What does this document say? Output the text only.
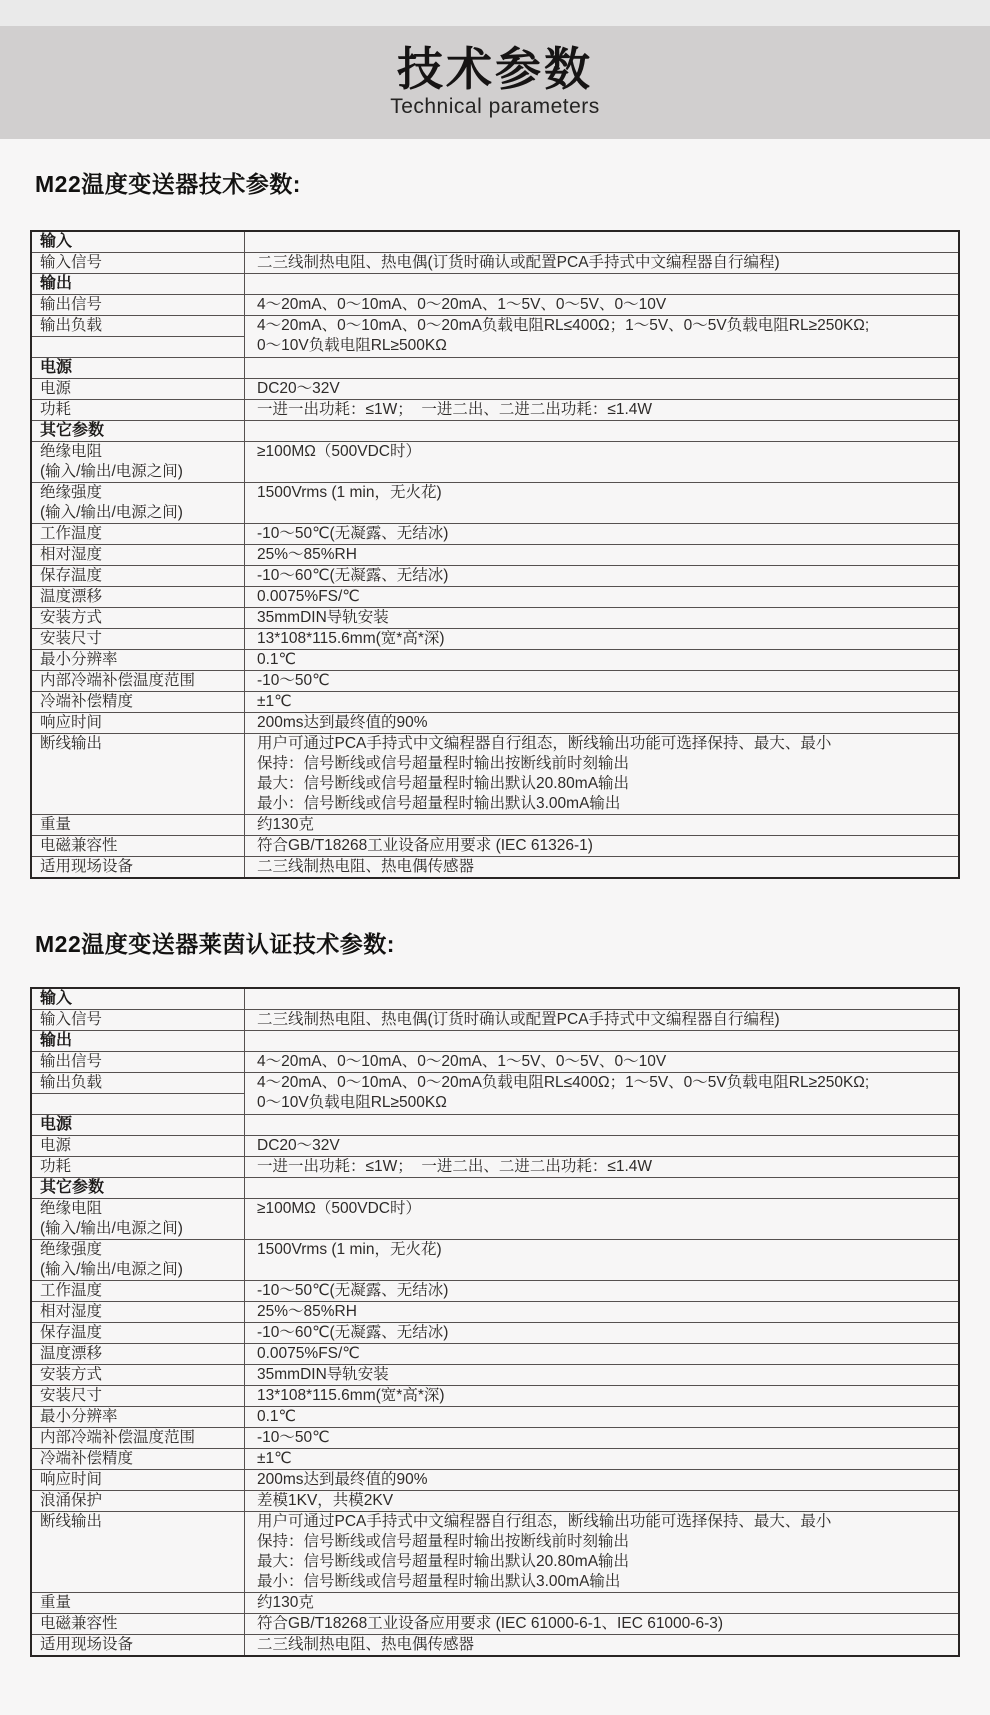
技术参数
Technical parameters
M22温度变送器技术参数:
输入	
输入信号	二三线制热电阻、热电偶(订货时确认或配置PCA手持式中文编程器自行编程)
输出	
输出信号	4～20mA、0～10mA、0～20mA、1～5V、0～5V、0～10V
输出负载	4～20mA、0～10mA、0～20mA负载电阻RL≤400Ω；1～5V、0～5V负载电阻RL≥250KΩ;
0～10V负载电阻RL≥500KΩ

电源	
电源	DC20～32V
功耗	一进一出功耗：≤1W；  一进二出、二进二出功耗：≤1.4W
其它参数	

绝缘电阻
(输入/输出/电源之间)	≥100MΩ（500VDC时）

绝缘强度
(输入/输出/电源之间)	1500Vrms (1 min，无火花)
工作温度	-10～50℃(无凝露、无结冰)
相对湿度	25%～85%RH
保存温度	-10～60℃(无凝露、无结冰)
温度漂移	0.0075%FS/℃
安装方式	35mmDIN导轨安装
安装尺寸	13*108*115.6mm(宽*高*深)
最小分辨率	0.1℃
内部冷端补偿温度范围	-10～50℃
冷端补偿精度	±1℃
响应时间	200ms达到最终值的90%
断线输出	用户可通过PCA手持式中文编程器自行组态，断线输出功能可选择保持、最大、最小
保持：信号断线或信号超量程时输出按断线前时刻输出
最大：信号断线或信号超量程时输出默认20.80mA输出
最小：信号断线或信号超量程时输出默认3.00mA输出

重量	约130克
电磁兼容性	符合GB/T18268工业设备应用要求 (IEC 61326-1)
适用现场设备	二三线制热电阻、热电偶传感器
M22温度变送器莱茵认证技术参数:
输入	
输入信号	二三线制热电阻、热电偶(订货时确认或配置PCA手持式中文编程器自行编程)
输出	
输出信号	4～20mA、0～10mA、0～20mA、1～5V、0～5V、0～10V
输出负载	4～20mA、0～10mA、0～20mA负载电阻RL≤400Ω；1～5V、0～5V负载电阻RL≥250KΩ;
0～10V负载电阻RL≥500KΩ

电源	
电源	DC20～32V
功耗	一进一出功耗：≤1W；  一进二出、二进二出功耗：≤1.4W
其它参数	

绝缘电阻
(输入/输出/电源之间)	≥100MΩ（500VDC时）

绝缘强度
(输入/输出/电源之间)	1500Vrms (1 min，无火花)
工作温度	-10～50℃(无凝露、无结冰)
相对湿度	25%～85%RH
保存温度	-10～60℃(无凝露、无结冰)
温度漂移	0.0075%FS/℃
安装方式	35mmDIN导轨安装
安装尺寸	13*108*115.6mm(宽*高*深)
最小分辨率	0.1℃
内部冷端补偿温度范围	-10～50℃
冷端补偿精度	±1℃
响应时间	200ms达到最终值的90%
浪涌保护	差模1KV，共模2KV
断线输出	用户可通过PCA手持式中文编程器自行组态，断线输出功能可选择保持、最大、最小
保持：信号断线或信号超量程时输出按断线前时刻输出
最大：信号断线或信号超量程时输出默认20.80mA输出
最小：信号断线或信号超量程时输出默认3.00mA输出

重量	约130克
电磁兼容性	符合GB/T18268工业设备应用要求 (IEC 61000-6-1、IEC 61000-6-3)
适用现场设备	二三线制热电阻、热电偶传感器
